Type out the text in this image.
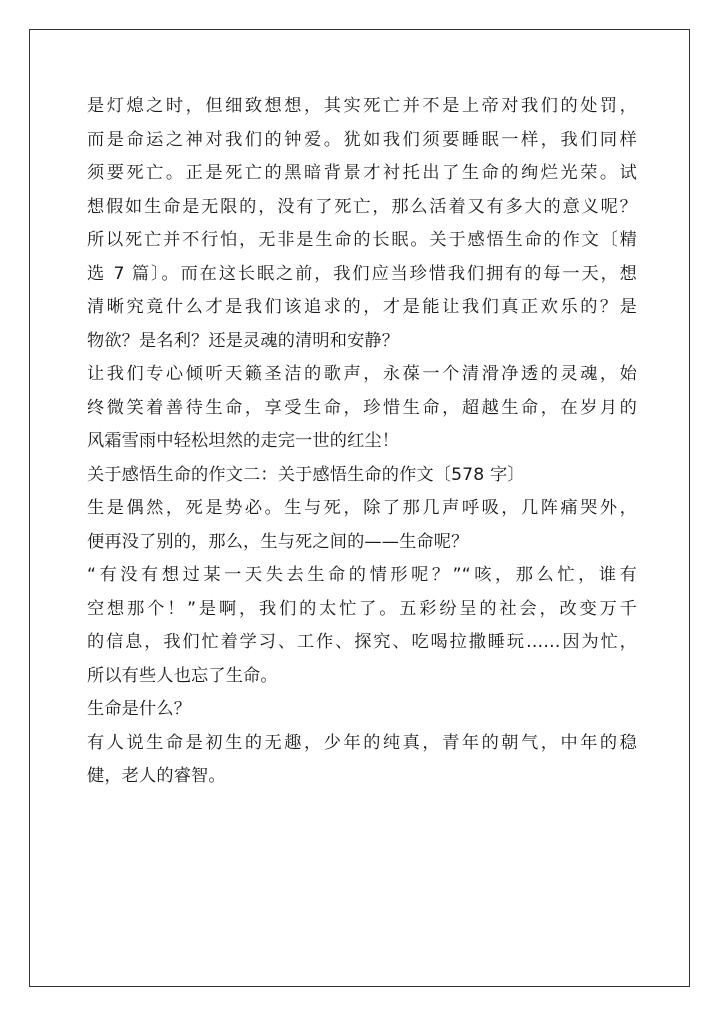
是灯熄之时，但细致想想，其实死亡并不是上帝对我们的处罚，
而是命运之神对我们的钟爱。犹如我们须要睡眠一样，我们同样
须要死亡。正是死亡的黑暗背景才衬托出了生命的绚烂光荣。试
想假如生命是无限的，没有了死亡，那么活着又有多大的意义呢？
所以死亡并不行怕，无非是生命的长眠。关于感悟生命的作文〔精
选 7 篇〕。而在这长眠之前，我们应当珍惜我们拥有的每一天，想
清晰究竟什么才是我们该追求的，才是能让我们真正欢乐的？是
物欲？是名利？还是灵魂的清明和安静？
让我们专心倾听天籁圣洁的歌声，永葆一个清滑净透的灵魂，始
终微笑着善待生命，享受生命，珍惜生命，超越生命，在岁月的
风霜雪雨中轻松坦然的走完一世的红尘！
关于感悟生命的作文二：关于感悟生命的作文〔578 字〕
生是偶然，死是势必。生与死，除了那几声呼吸，几阵痛哭外，
便再没了别的，那么，生与死之间的——生命呢？
“有没有想过某一天失去生命的情形呢？”“咳，那么忙，谁有
空想那个！”是啊，我们的太忙了。五彩纷呈的社会，改变万千
的信息，我们忙着学习、工作、探究、吃喝拉撒睡玩……因为忙，
所以有些人也忘了生命。
生命是什么？
有人说生命是初生的无趣，少年的纯真，青年的朝气，中年的稳
健，老人的睿智。
